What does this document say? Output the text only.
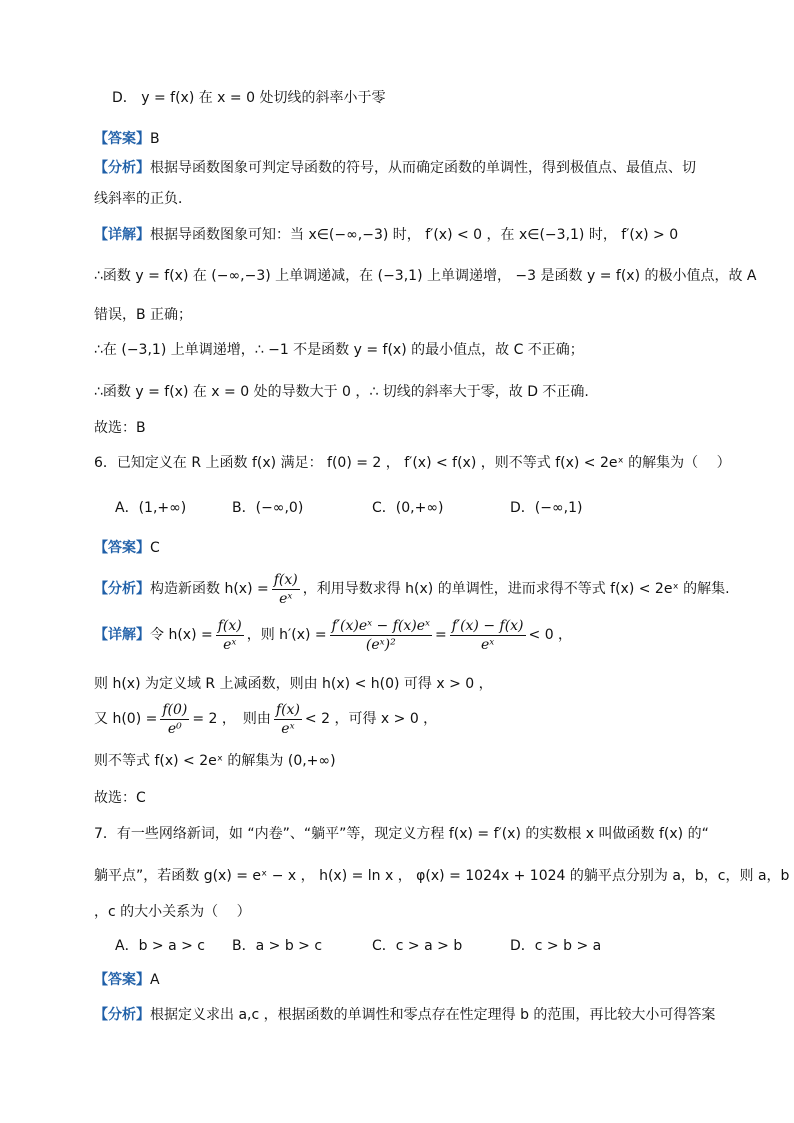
D． y = f(x) 在 x = 0 处切线的斜率小于零
【答案】B
【分析】根据导函数图象可判定导函数的符号，从而确定函数的单调性，得到极值点、最值点、切
线斜率的正负．
【详解】根据导函数图象可知：当 x∈(−∞,−3) 时， f′(x) < 0 ，在 x∈(−3,1) 时， f′(x) > 0
∴函数 y = f(x) 在 (−∞,−3) 上单调递减，在 (−3,1) 上单调递增， −3 是函数 y = f(x) 的极小值点，故 A
错误，B 正确；
∴在 (−3,1) 上单调递增，∴ −1 不是函数 y = f(x) 的最小值点，故 C 不正确；
∴函数 y = f(x) 在 x = 0 处的导数大于 0 ，∴ 切线的斜率大于零，故 D 不正确.
故选：B
6．已知定义在 R 上函数 f(x) 满足： f(0) = 2 ， f′(x) < f(x) ，则不等式 f(x) < 2eˣ 的解集为（　 ）
A．(1,+∞)	B．(−∞,0)	C．(0,+∞)	D．(−∞,1)
【答案】C
【分析】构造新函数 $h(x) = \frac{f(x)}{\text{eˣ}}$ ，利用导数求得 h(x) 的单调性，进而求得不等式 f(x) < 2eˣ 的解集.
【详解】令 $h(x) = \frac{f(x)}{\text{eˣ}}$ ，则 $h'(x) = \frac{\text{f′(x)eˣ − f(x)eˣ}}{\text{(eˣ)²}} = \frac{f'(x) - f(x)}{\text{eˣ}} < 0$ ，
则 h(x) 为定义域 R 上减函数，则由 h(x) < h(0) 可得 x > 0 ，
又 $h(0) = \frac{f(0)}{\text{e⁰}} = 2$ ，　则由 $\frac{f(x)}{\text{eˣ}} < 2$ ，可得 x > 0 ，
则不等式 f(x) < 2eˣ 的解集为 (0,+∞)
故选：C
7．有一些网络新词，如 “内卷”、“躺平”等，现定义方程 f(x) = f′(x) 的实数根 x 叫做函数 f(x) 的“
躺平点”，若函数 g(x) = eˣ − x ， h(x) = ln x ， φ(x) = 1024x + 1024 的躺平点分别为 a，b，c，则 a，b
，c 的大小关系为（　 ）
A．b > a > c B．a > b > c	C．c > a > b	D．c > b > a
【答案】A
【分析】根据定义求出 a,c ，根据函数的单调性和零点存在性定理得 b 的范围，再比较大小可得答案
